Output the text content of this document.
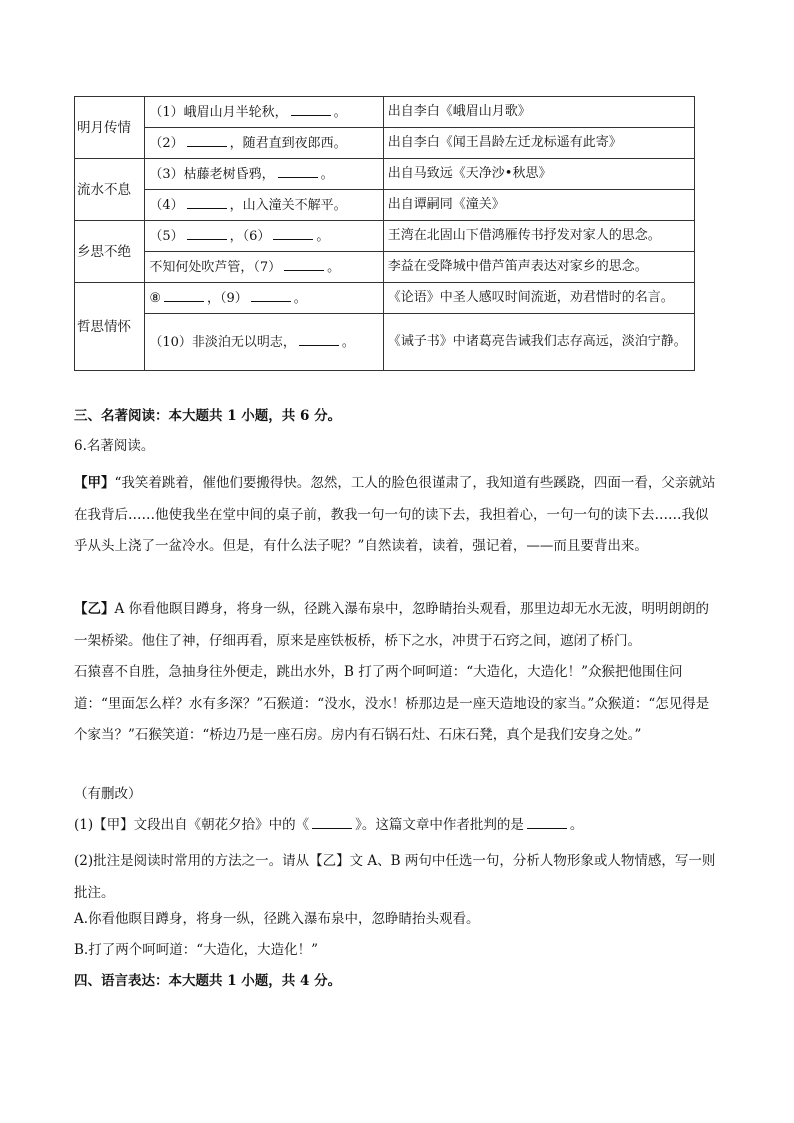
明月传情	（1）峨眉山月半轮秋， 。	出自李白《峨眉山月歌》
	（2） ，随君直到夜郎西。	出自李白《闻王昌龄左迁龙标遥有此寄》
流水不息	（3）枯藤老树昏鸦， 。	出自马致远《天净沙•秋思》
	（4） ，山入潼关不解平。	出自谭嗣同《潼关》
乡思不绝	（5） ，（6） 。	王湾在北固山下借鸿雁传书抒发对家人的思念。
	不知何处吹芦管，（7） 。	李益在受降城中借芦笛声表达对家乡的思念。
哲思情怀	⑧ ，（9） 。	《论语》中圣人感叹时间流逝，劝君惜时的名言。
	（10）非淡泊无以明志， 。	《诫子书》中诸葛亮告诫我们志存高远，淡泊宁静。
三、名著阅读：本大题共 1 小题，共 6 分。
6.名著阅读。
【甲】“我笑着跳着，催他们要搬得快。忽然，工人的脸色很谨肃了，我知道有些蹊跷，四面一看，父亲就站在我背后……他使我坐在堂中间的桌子前，教我一句一句的读下去，我担着心，一句一句的读下去……我似乎从头上浇了一盆冷水。但是，有什么法子呢？”自然读着，读着，强记着，——而且要背出来。
【乙】A 你看他瞑目蹲身，将身一纵，径跳入瀑布泉中，忽睁睛抬头观看，那里边却无水无波，明明朗朗的一架桥梁。他住了神，仔细再看，原来是座铁板桥，桥下之水，冲贯于石窍之间，遮闭了桥门。
石猿喜不自胜，急抽身往外便走，跳出水外，B 打了两个呵呵道：“大造化，大造化！”众猴把他围住问道：“里面怎么样？水有多深？”石猴道：“没水，没水！桥那边是一座天造地设的家当。”众猴道：“怎见得是个家当？”石猴笑道：“桥边乃是一座石房。房内有石锅石灶、石床石凳，真个是我们安身之处。”
（有删改）
(1)【甲】文段出自《朝花夕拾》中的《	》。这篇文章中作者批判的是	。
(2)批注是阅读时常用的方法之一。请从【乙】文 A、B 两句中任选一句，分析人物形象或人物情感，写一则批注。
A.你看他瞑目蹲身，将身一纵，径跳入瀑布泉中，忽睁睛抬头观看。
B.打了两个呵呵道：“大造化，大造化！”
四、语言表达：本大题共 1 小题，共 4 分。
